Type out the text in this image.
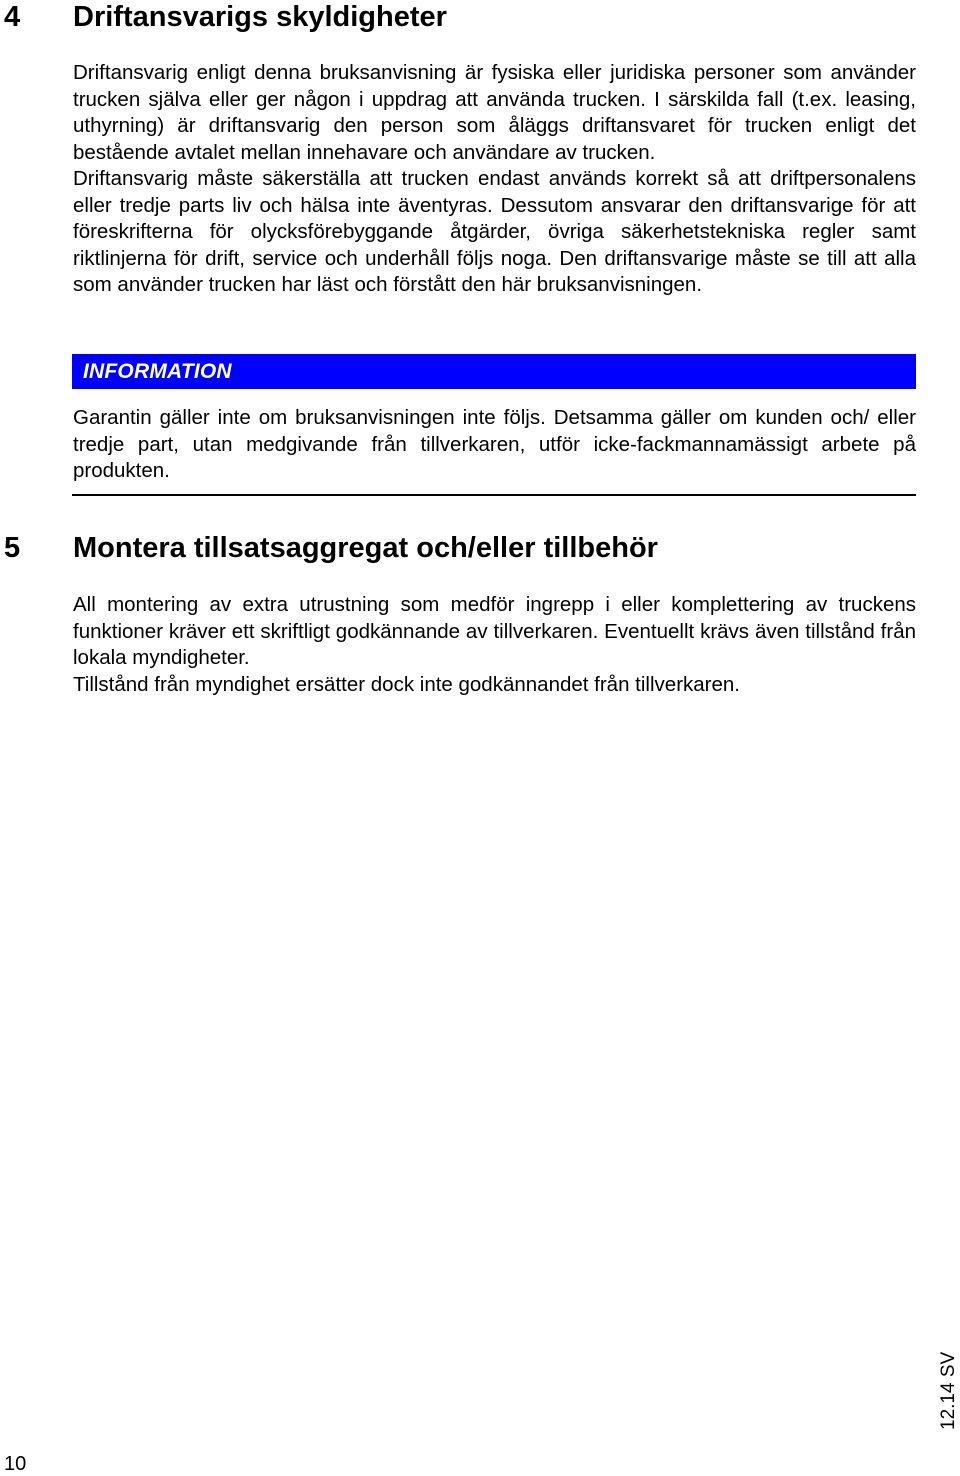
4 Driftansvarigs skyldigheter

Driftansvarig enligt denna bruksanvisning är fysiska eller juridiska personer som använder trucken själva eller ger någon i uppdrag att använda trucken. I särskilda fall (t.ex. leasing, uthyrning) är driftansvarig den person som åläggs driftansvaret för trucken enligt det bestående avtalet mellan innehavare och användare av trucken.

Driftansvarig måste säkerställa att trucken endast används korrekt så att driftpersonalens eller tredje parts liv och hälsa inte äventyras. Dessutom ansvarar den driftansvarige för att föreskrifterna för olycksförebyggande åtgärder, övriga säkerhetstekniska regler samt riktlinjerna för drift, service och underhåll följs noga. Den driftansvarige måste se till att alla som använder trucken har läst och förstått den här bruksanvisningen.

INFORMATION

Garantin gäller inte om bruksanvisningen inte följs. Detsamma gäller om kunden och/ eller tredje part, utan medgivande från tillverkaren, utför icke-fackmannamässigt arbete på produkten.

5 Montera tillsatsaggregat och/eller tillbehör

All montering av extra utrustning som medför ingrepp i eller komplettering av truckens funktioner kräver ett skriftligt godkännande av tillverkaren. Eventuellt krävs även tillstånd från lokala myndigheter.

Tillstånd från myndighet ersätter dock inte godkännandet från tillverkaren.

12.14 SV
10
